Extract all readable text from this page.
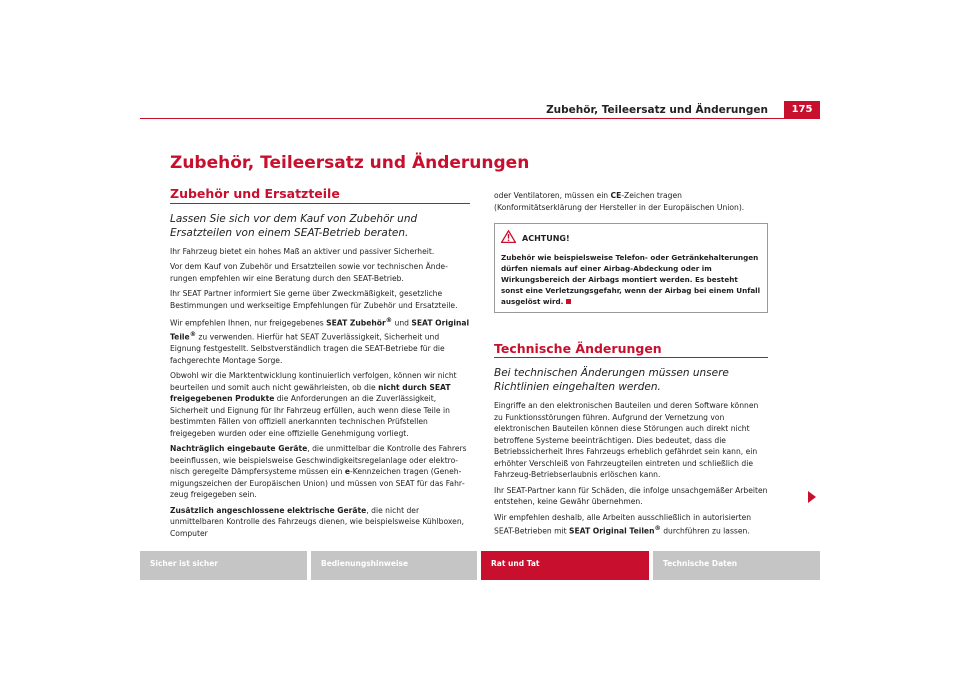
Zubehör, Teileersatz und Änderungen	175
Zubehör, Teileersatz und Änderungen
Zubehör und Ersatzteile
Lassen Sie sich vor dem Kauf von Zubehör und Ersatzteilen von einem SEAT-Betrieb beraten.

Ihr Fahrzeug bietet ein hohes Maß an aktiver und passiver Sicherheit.

Vor dem Kauf von Zubehör und Ersatzteilen sowie vor technischen Änderungen empfehlen wir eine Beratung durch den SEAT-Betrieb.

Ihr SEAT Partner informiert Sie gerne über Zweckmäßigkeit, gesetzliche Bestimmungen und werkseitige Empfehlungen für Zubehör und Ersatzteile.

Wir empfehlen Ihnen, nur freigegebenes SEAT Zubehör® und SEAT Original Teile® zu verwenden. Hierfür hat SEAT Zuverlässigkeit, Sicherheit und Eignung festgestellt. Selbstverständlich tragen die SEAT-Betriebe für die fachgerechte Montage Sorge.

Obwohl wir die Marktentwicklung kontinuierlich verfolgen, können wir nicht beurteilen und somit auch nicht gewährleisten, ob die nicht durch SEAT freigegebenen Produkte die Anforderungen an die Zuverlässigkeit, Sicherheit und Eignung für Ihr Fahrzeug erfüllen, auch wenn diese Teile in bestimmten Fällen von offiziell anerkannten technischen Prüfstellen freigegeben wurden oder eine offizielle Genehmigung vorliegt.

Nachträglich eingebaute Geräte, die unmittelbar die Kontrolle des Fahrers beeinflussen, wie beispielsweise Geschwindigkeitsregelanlage oder elektronisch geregelte Dämpfersysteme müssen ein e-Kennzeichen tragen (Genehmigungszeichen der Europäischen Union) und müssen von SEAT für das Fahrzeug freigegeben sein.

Zusätzlich angeschlossene elektrische Geräte, die nicht der unmittelbaren Kontrolle des Fahrzeugs dienen, wie beispielsweise Kühlboxen, Computer

oder Ventilatoren, müssen ein CE-Zeichen tragen (Konformitätserklärung der Hersteller in der Europäischen Union).

ACHTUNG!
Zubehör wie beispielsweise Telefon- oder Getränkehalterungen dürfen niemals auf einer Airbag-Abdeckung oder im Wirkungsbereich der Airbags montiert werden. Es besteht sonst eine Verletzungsgefahr, wenn der Airbag bei einem Unfall ausgelöst wird.
Technische Änderungen
Bei technischen Änderungen müssen unsere Richtlinien eingehalten werden.

Eingriffe an den elektronischen Bauteilen und deren Software können zu Funktionsstörungen führen. Aufgrund der Vernetzung von elektronischen Bauteilen können diese Störungen auch direkt nicht betroffene Systeme beeinträchtigen. Dies bedeutet, dass die Betriebssicherheit Ihres Fahrzeugs erheblich gefährdet sein kann, ein erhöhter Verschleiß von Fahrzeugteilen eintreten und schließlich die Fahrzeug-Betriebserlaubnis erlöschen kann.

Ihr SEAT-Partner kann für Schäden, die infolge unsachgemäßer Arbeiten entstehen, keine Gewähr übernehmen.

Wir empfehlen deshalb, alle Arbeiten ausschließlich in autorisierten SEAT-Betrieben mit SEAT Original Teilen® durchführen zu lassen.

Sicher ist sicher	Bedienungshinweise	Rat und Tat	Technische Daten
